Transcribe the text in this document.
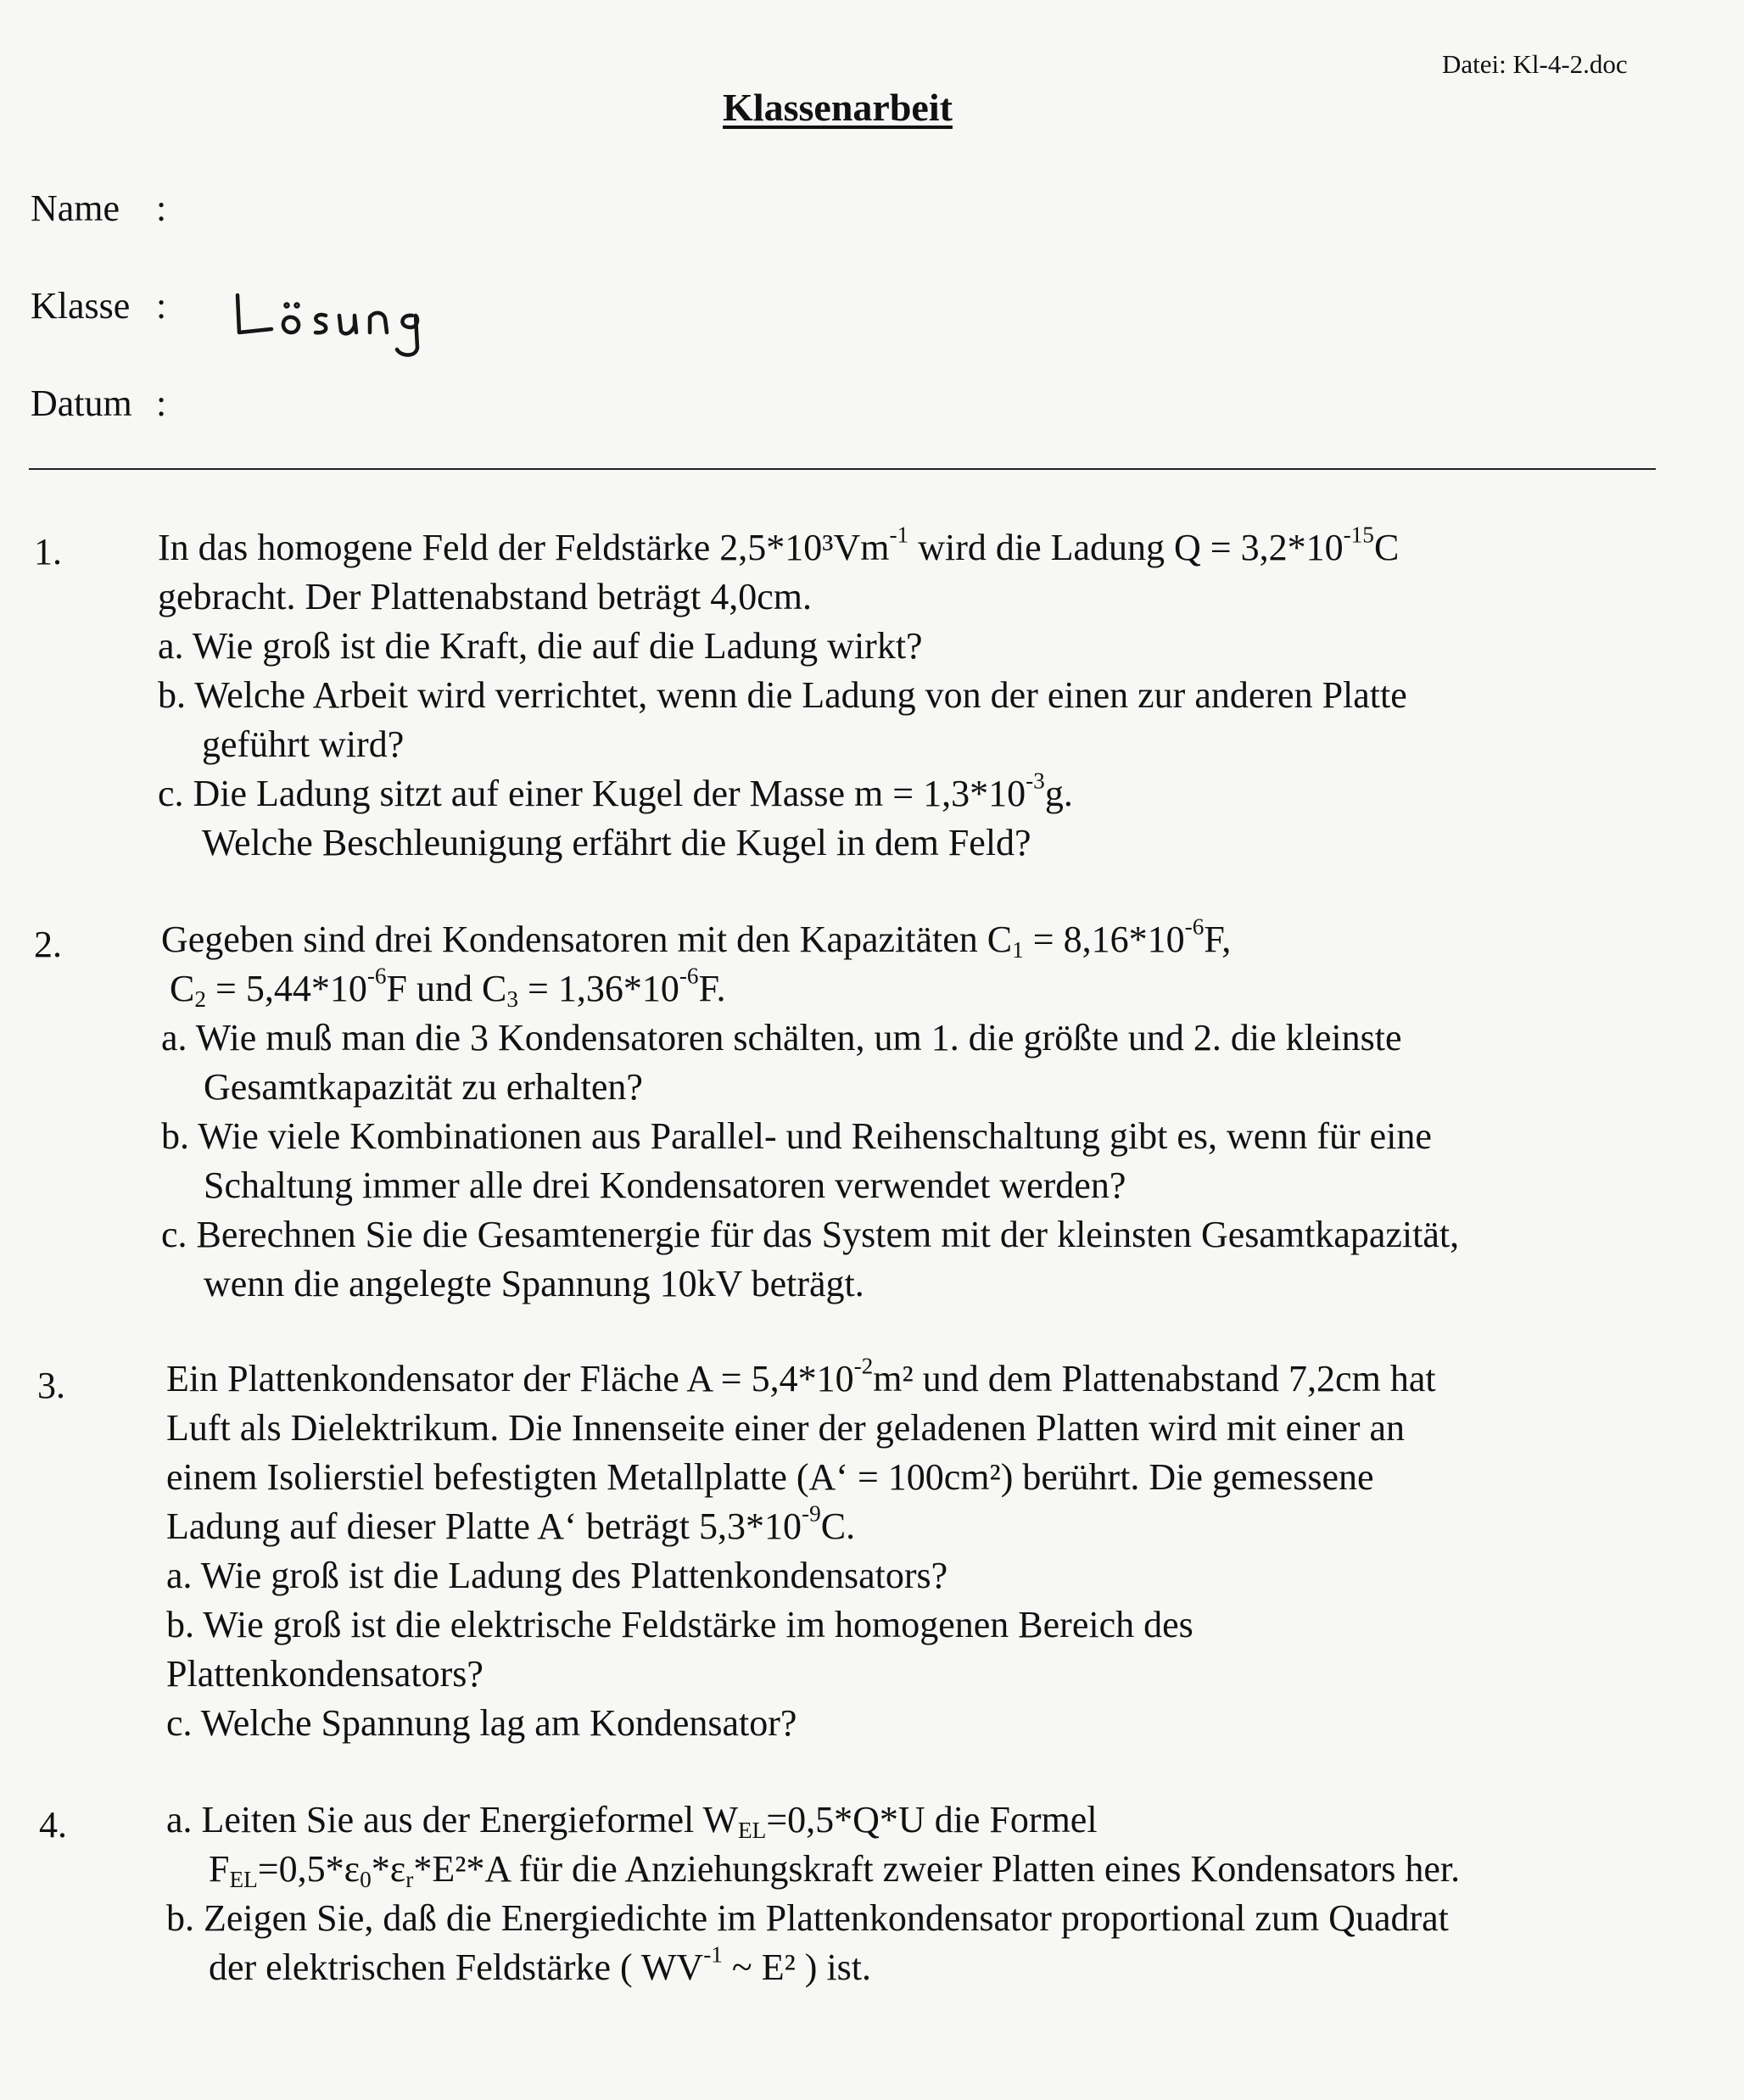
Datei: Kl-4-2.doc
Klassenarbeit
Name :
Klasse :
Datum :
1.	In das homogene Feld der Feldstärke $2,5*10^3Vm^{-1}$ wird die Ladung $Q = 3,2*10^{-15}C$
gebracht. Der Plattenabstand beträgt 4,0cm.
a. Wie groß ist die Kraft, die auf die Ladung wirkt?
b. Welche Arbeit wird verrichtet, wenn die Ladung von der einen zur anderen Platte
geführt wird?
c. Die Ladung sitzt auf einer Kugel der Masse $m = 1,3*10^{-3}g$.
Welche Beschleunigung erfährt die Kugel in dem Feld?
2.	Gegeben sind drei Kondensatoren mit den Kapazitäten $C_1 = 8,16*10^{-6}F$,
$C_2 = 5,44*10^{-6}F$ und $C_3 = 1,36*10^{-6}F$.
a. Wie muß man die 3 Kondensatoren schälten, um 1. die größte und 2. die kleinste
Gesamtkapazität zu erhalten?
b. Wie viele Kombinationen aus Parallel- und Reihenschaltung gibt es, wenn für eine
Schaltung immer alle drei Kondensatoren verwendet werden?
c. Berechnen Sie die Gesamtenergie für das System mit der kleinsten Gesamtkapazität,
wenn die angelegte Spannung 10kV beträgt.
3.	Ein Plattenkondensator der Fläche $A = 5,4*10^{-2}m^2$ und dem Plattenabstand 7,2cm hat
Luft als Dielektrikum. Die Innenseite einer der geladenen Platten wird mit einer an
einem Isolierstiel befestigten Metallplatte (A‘ = 100cm²) berührt. Die gemessene
Ladung auf dieser Platte A‘ beträgt $5,3*10^{-9}C$.
a. Wie groß ist die Ladung des Plattenkondensators?
b. Wie groß ist die elektrische Feldstärke im homogenen Bereich des
Plattenkondensators?
c. Welche Spannung lag am Kondensator?
4.	a. Leiten Sie aus der Energieformel $W_{EL}=0,5*Q*U$ die Formel
$F_{EL}=0,5*\varepsilon_0*\varepsilon_r*E^2*A$ für die Anziehungskraft zweier Platten eines Kondensators her.
b. Zeigen Sie, daß die Energiedichte im Plattenkondensator proportional zum Quadrat
der elektrischen Feldstärke ( $WV^{-1}$ ~ E² ) ist.
